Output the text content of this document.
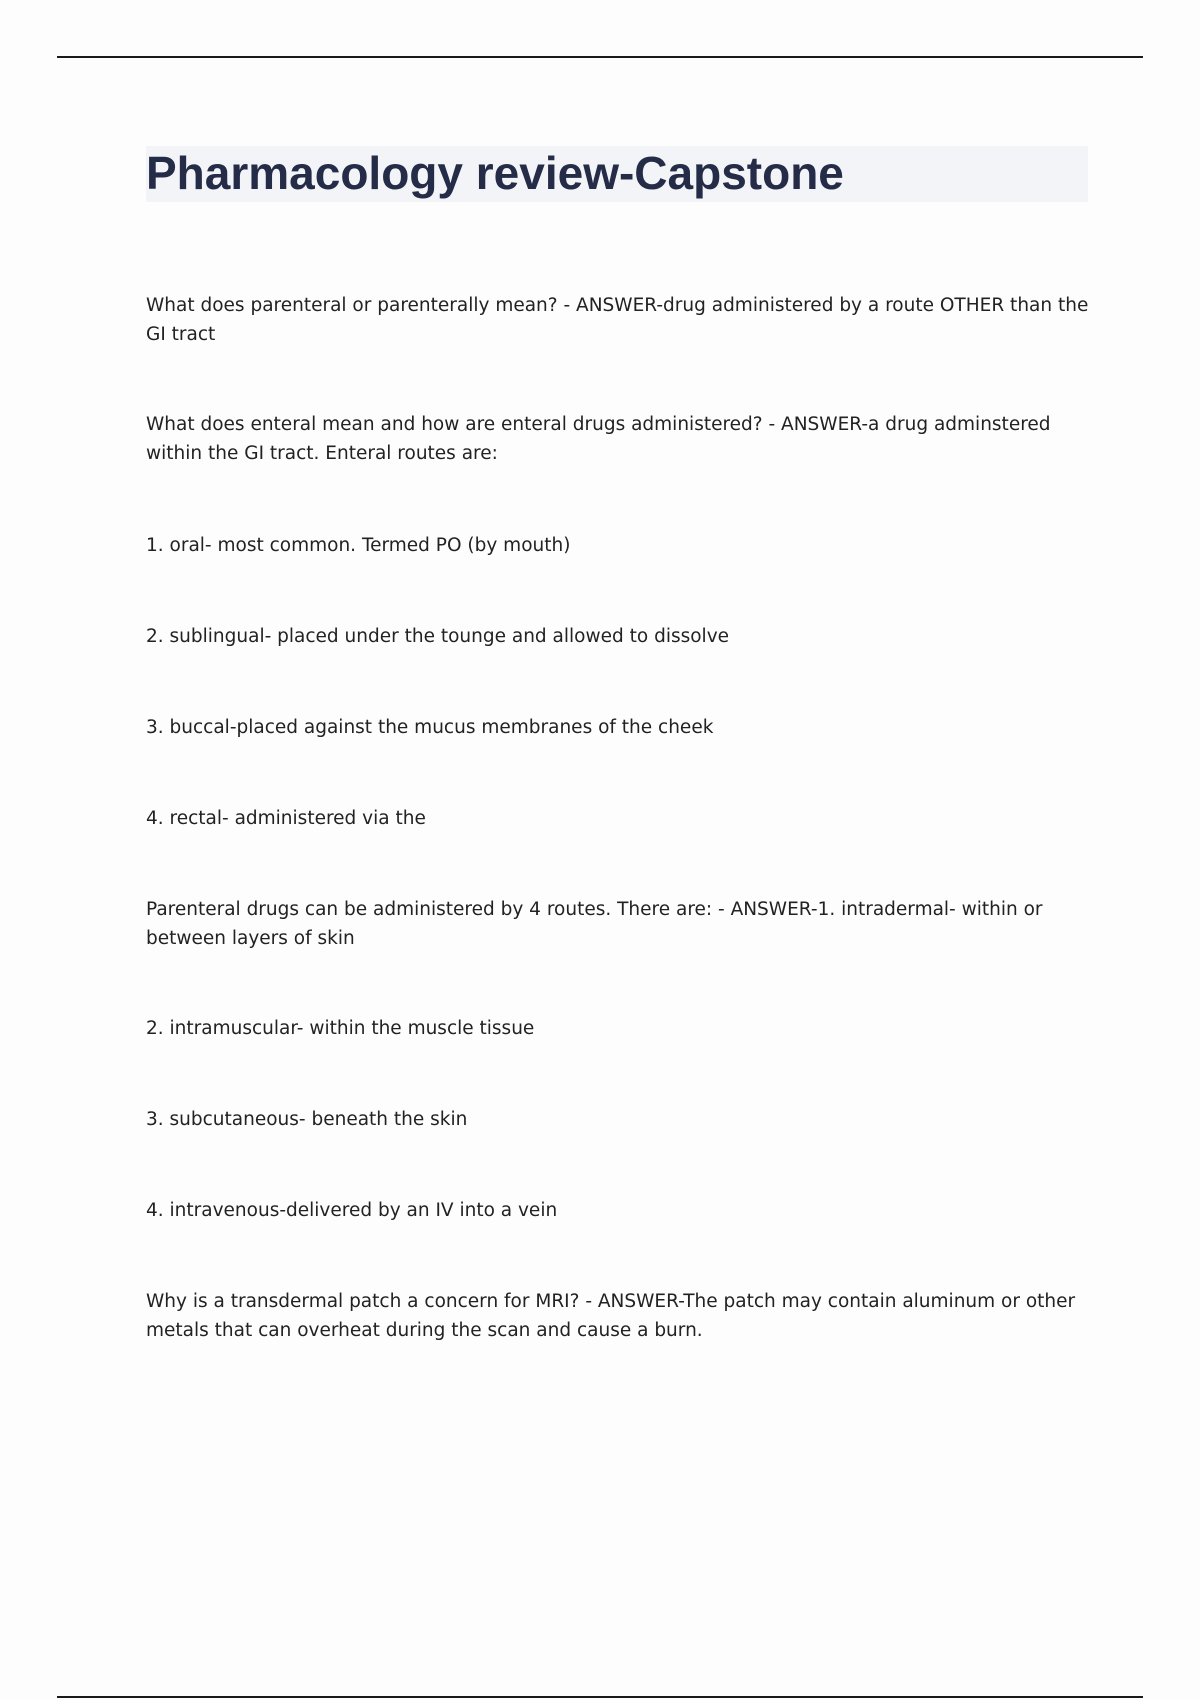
Pharmacology review-Capstone

What does parenteral or parenterally mean? - ANSWER-drug administered by a route OTHER than the GI tract

What does enteral mean and how are enteral drugs administered? - ANSWER-a drug adminstered within the GI tract. Enteral routes are:

1. oral- most common. Termed PO (by mouth)

2. sublingual- placed under the tounge and allowed to dissolve

3. buccal-placed against the mucus membranes of the cheek

4. rectal- administered via the

Parenteral drugs can be administered by 4 routes. There are: - ANSWER-1. intradermal- within or between layers of skin

2. intramuscular- within the muscle tissue

3. subcutaneous- beneath the skin

4. intravenous-delivered by an IV into a vein

Why is a transdermal patch a concern for MRI? - ANSWER-The patch may contain aluminum or other metals that can overheat during the scan and cause a burn.
